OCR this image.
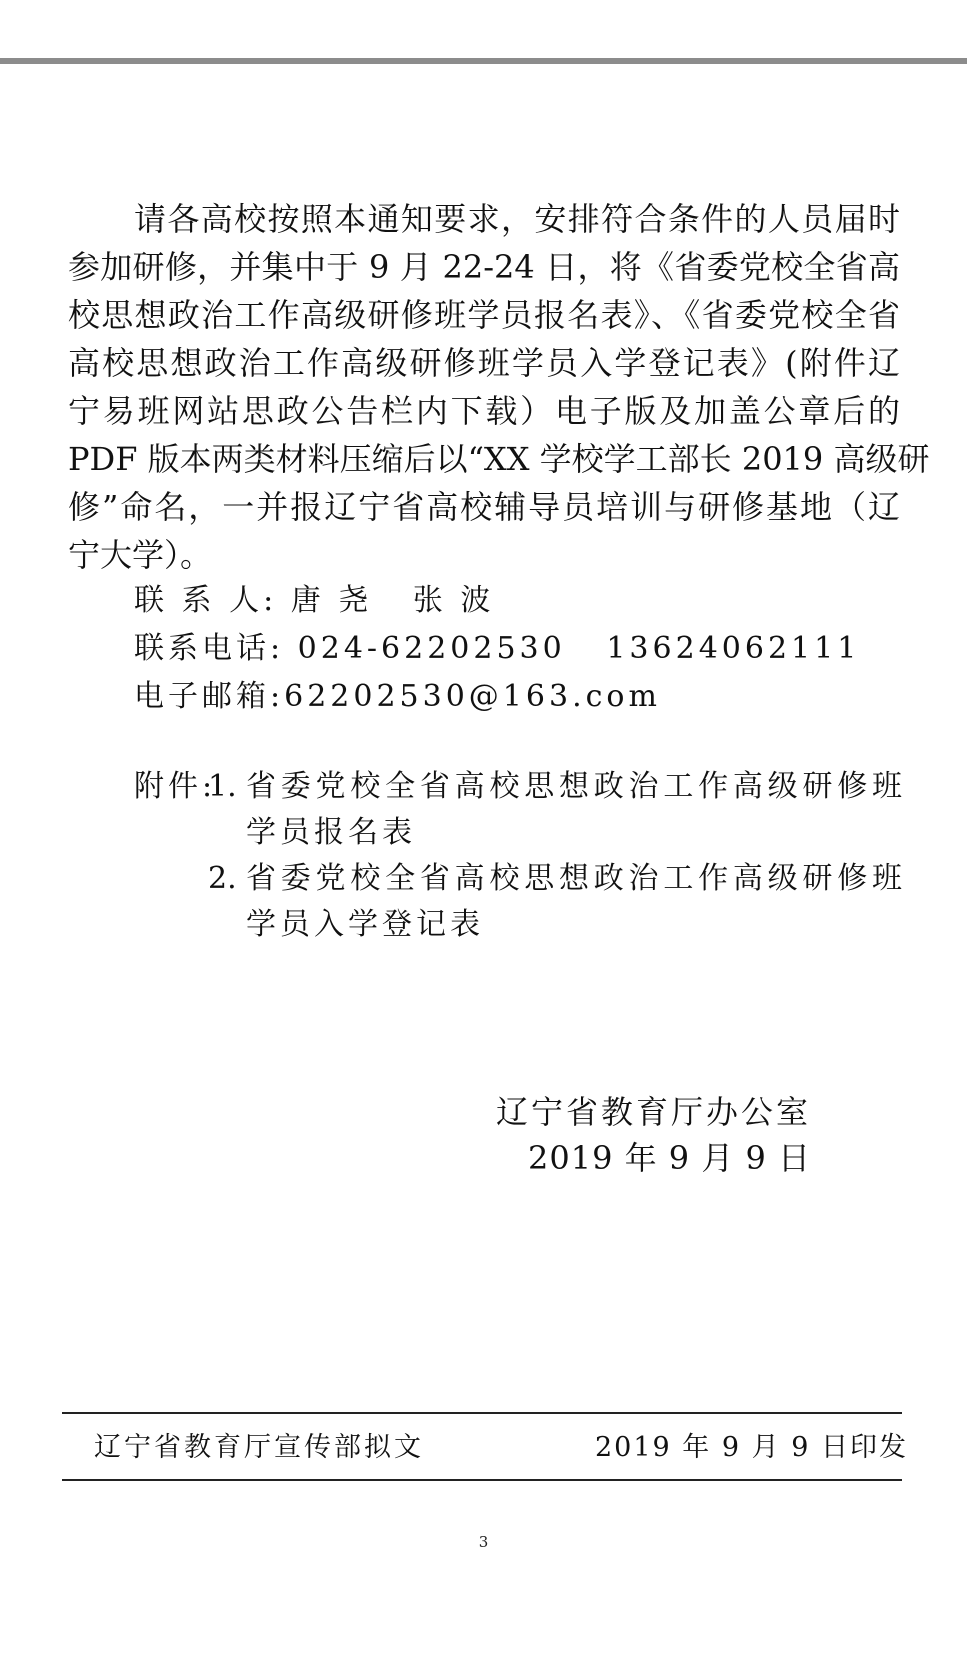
请各高校按照本通知要求，安排符合条件的人员届时
参加研修，并集中于 9 月 22-24 日，将《省委党校全省高
校思想政治工作高级研修班学员报名表》、《省委党校全省
高校思想政治工作高级研修班学员入学登记表》(附件辽
宁易班网站思政公告栏内下载）电子版及加盖公章后的
PDF 版本两类材料压缩后以“XX 学校学工部长 2019 高级研
修”命名，一并报辽宁省高校辅导员培训与研修基地（辽
宁大学）。
联 系 人: 唐 尧   张 波
联系电话: 024-62202530   13624062111
电子邮箱:62202530@163.com
附件:
1. 省委党校全省高校思想政治工作高级研修班
学员报名表
2. 省委党校全省高校思想政治工作高级研修班
学员入学登记表
辽宁省教育厅办公室
2019 年 9 月 9 日
辽宁省教育厅宣传部拟文	2019 年 9 月 9 日印发
3
